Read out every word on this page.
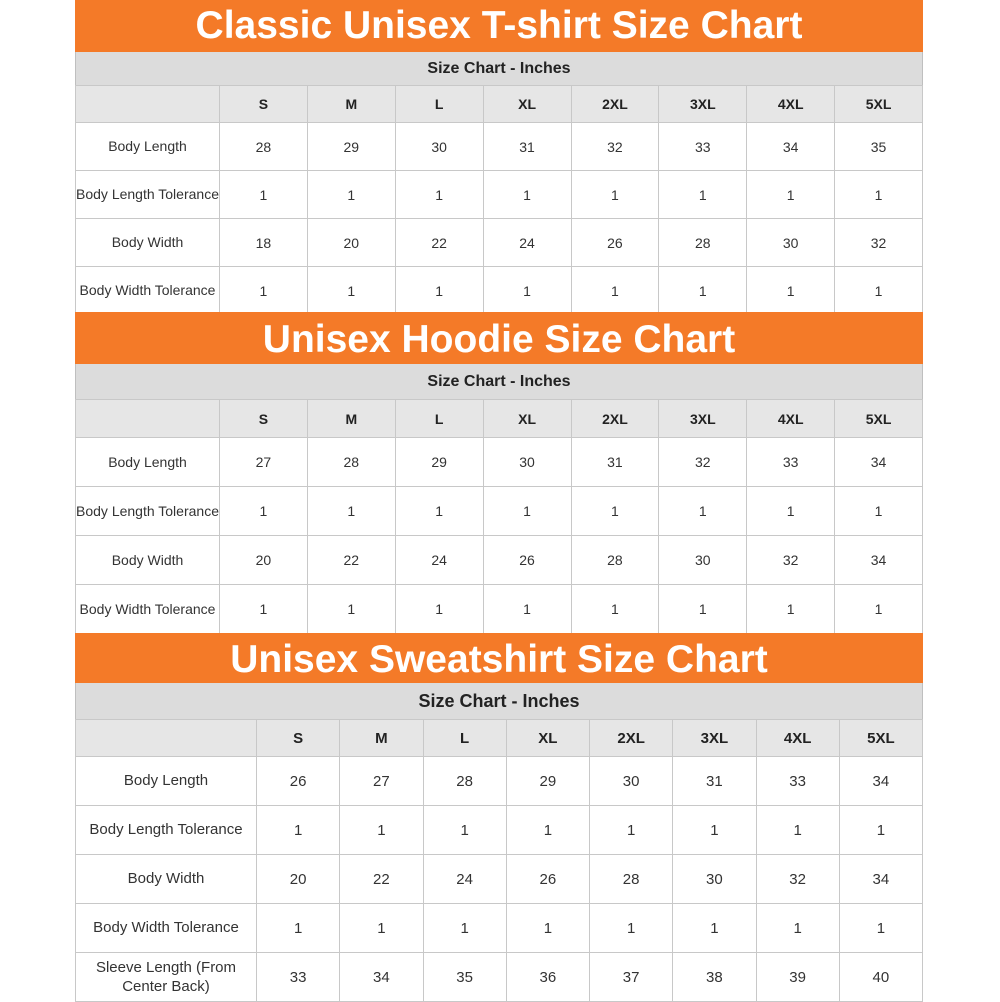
Classic Unisex T-shirt Size Chart
Size Chart - Inches
	S	M	L	XL	2XL	3XL	4XL	5XL
Body Length	28	29	30	31	32	33	34	35
Body Length Tolerance	1	1	1	1	1	1	1	1
Body Width	18	20	22	24	26	28	30	32
Body Width Tolerance	1	1	1	1	1	1	1	1
Unisex Hoodie Size Chart
Size Chart - Inches
	S	M	L	XL	2XL	3XL	4XL	5XL
Body Length	27	28	29	30	31	32	33	34
Body Length Tolerance	1	1	1	1	1	1	1	1
Body Width	20	22	24	26	28	30	32	34
Body Width Tolerance	1	1	1	1	1	1	1	1
Unisex Sweatshirt Size Chart
Size Chart - Inches
	S	M	L	XL	2XL	3XL	4XL	5XL
Body Length	26	27	28	29	30	31	33	34
Body Length Tolerance	1	1	1	1	1	1	1	1
Body Width	20	22	24	26	28	30	32	34
Body Width Tolerance	1	1	1	1	1	1	1	1
Sleeve Length (From Center Back)	33	34	35	36	37	38	39	40
